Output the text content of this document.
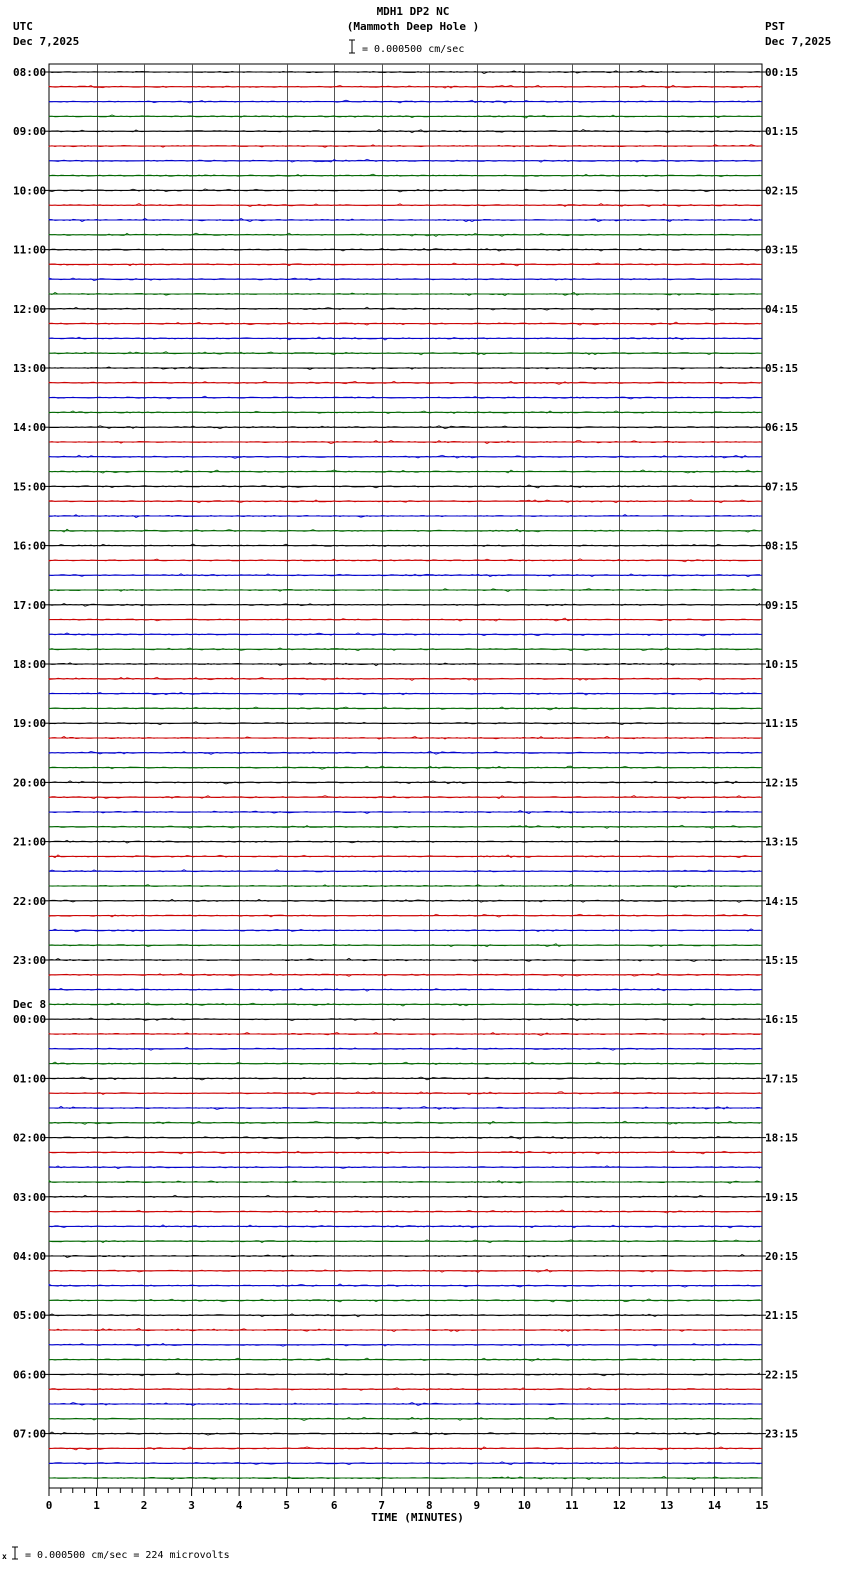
MDH1 DP2 NC
(Mammoth Deep Hole )
UTC
Dec 7,2025
PST
Dec 7,2025
= 0.000500 cm/sec
x = 0.000500 cm/sec = 224 microvolts
08:00	00:15
09:00	01:15
10:00	02:15
11:00	03:15
12:00	04:15
13:00	05:15
14:00	06:15
15:00	07:15
16:00	08:15
17:00	09:15
18:00	10:15
19:00	11:15
20:00	12:15
21:00	13:15
22:00	14:15
23:00	15:15
00:00	16:15
Dec 8
01:00	17:15
02:00	18:15
03:00	19:15
04:00	20:15
05:00	21:15
06:00	22:15
07:00	23:15
0	1	2	3	4	5	6	7	8	9	10	11	12	13	14	15
TIME (MINUTES)
